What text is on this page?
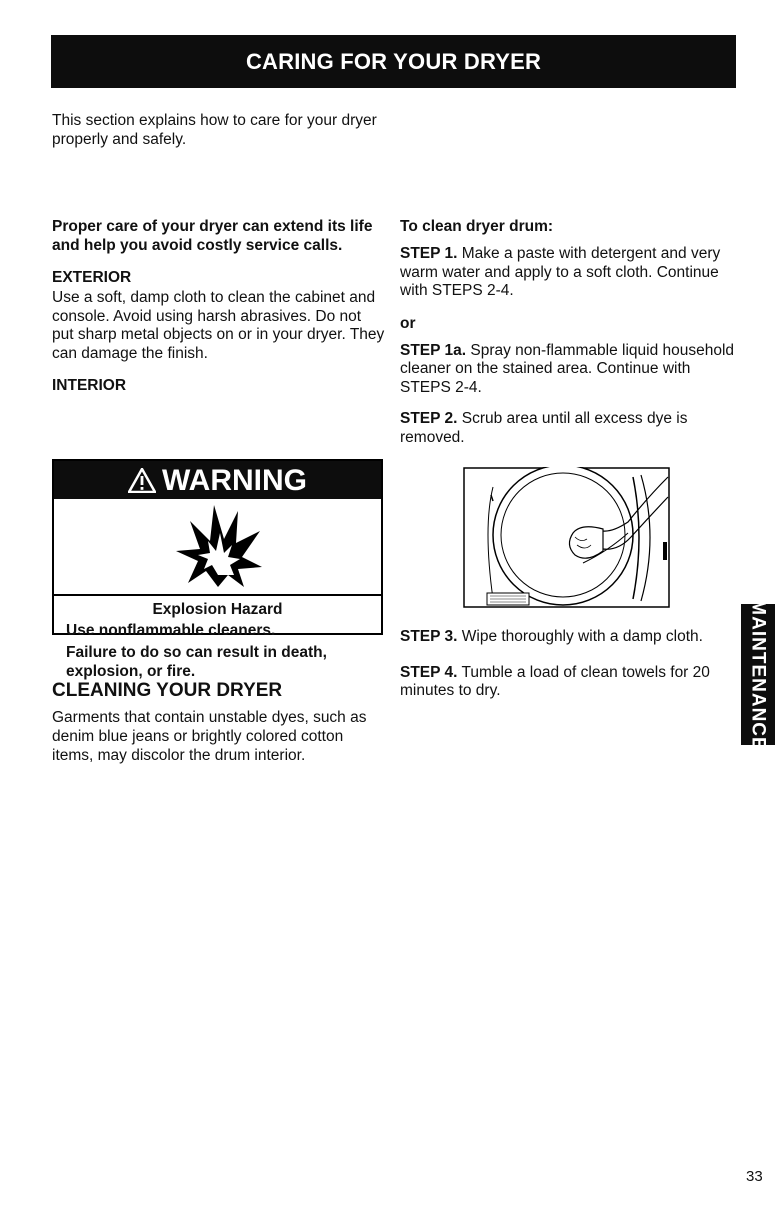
CARING FOR YOUR DRYER

This section explains how to care for your dryer properly and safely.

Proper care of your dryer can extend its life and help you avoid costly service calls.

EXTERIOR

Use a soft, damp cloth to clean the cabinet and console. Avoid using harsh abrasives. Do not put sharp metal objects on or in your dryer. They can damage the finish.

INTERIOR

WARNING

Explosion Hazard

Use nonflammable cleaners.

Failure to do so can result in death, explosion, or fire.

CLEANING YOUR DRYER

Garments that contain unstable dyes, such as denim blue jeans or brightly colored cotton items, may discolor the drum interior.

To clean dryer drum:

STEP 1. Make a paste with detergent and very warm water and apply to a soft cloth. Continue with STEPS 2-4.

or

STEP 1a. Spray non-flammable liquid household cleaner on the stained area. Continue with STEPS 2-4.

STEP 2. Scrub area until all excess dye is removed.

STEP 3. Wipe thoroughly with a damp cloth.

STEP 4. Tumble a load of clean towels for 20 minutes to dry.	MAINTENANCE

33
